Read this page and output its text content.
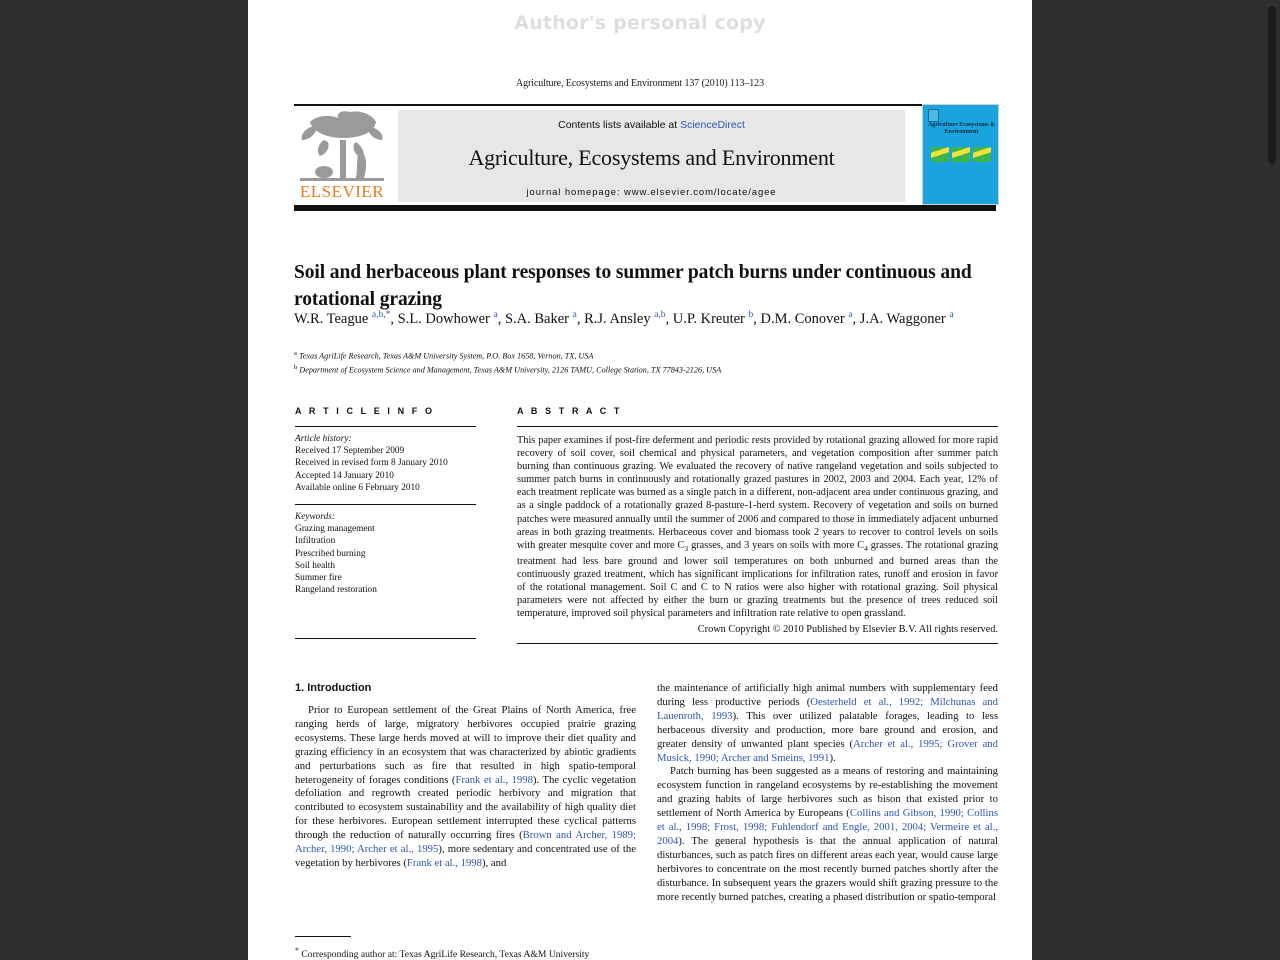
Author's personal copy
Agriculture, Ecosystems and Environment 137 (2010) 113–123
ELSEVIER
Contents lists available at ScienceDirect
Agriculture, Ecosystems and Environment
journal homepage: www.elsevier.com/locate/agee
Agriculture Ecosystems & Environment
Soil and herbaceous plant responses to summer patch burns under continuous and rotational grazing
W.R. Teague $^{a,b,*}$, S.L. Dowhower $^a$, S.A. Baker $^a$, R.J. Ansley $^{a,b}$, U.P. Kreuter $^b$, D.M. Conover $^a$, J.A. Waggoner $^a$
$^a$ Texas AgriLife Research, Texas A&M University System, P.O. Box 1658, Vernon, TX, USA
$^b$ Department of Ecosystem Science and Management, Texas A&M University, 2126 TAMU, College Station, TX 77843-2126, USA
A R T I C L E I N F O
Article history:
Received 17 September 2009
Received in revised form 8 January 2010
Accepted 14 January 2010
Available online 6 February 2010
Keywords:
Grazing management
Infiltration
Prescribed burning
Soil health
Summer fire
Rangeland restoration
A B S T R A C T
This paper examines if post-fire deferment and periodic rests provided by rotational grazing allowed for more rapid recovery of soil cover, soil chemical and physical parameters, and vegetation composition after summer patch burning than continuous grazing. We evaluated the recovery of native rangeland vegetation and soils subjected to summer patch burns in continuously and rotationally grazed pastures in 2002, 2003 and 2004. Each year, 12% of each treatment replicate was burned as a single patch in a different, non-adjacent area under continuous grazing, and as a single paddock of a rotationally grazed 8-pasture-1-herd system. Recovery of vegetation and soils on burned patches were measured annually until the summer of 2006 and compared to those in immediately adjacent unburned areas in both grazing treatments. Herbaceous cover and biomass took 2 years to recover to control levels on soils with greater mesquite cover and more $C_3$ grasses, and 3 years on soils with more $C_4$ grasses. The rotational grazing treatment had less bare ground and lower soil temperatures on both unburned and burned areas than the continuously grazed treatment, which has significant implications for infiltration rates, runoff and erosion in favor of the rotational management. Soil C and C to N ratios were also higher with rotational grazing. Soil physical parameters were not affected by either the burn or grazing treatments but the presence of trees reduced soil temperature, improved soil physical parameters and infiltration rate relative to open grassland.
Crown Copyright © 2010 Published by Elsevier B.V. All rights reserved.
1. Introduction

Prior to European settlement of the Great Plains of North America, free ranging herds of large, migratory herbivores occupied prairie grazing ecosystems. These large herds moved at will to improve their diet quality and grazing efficiency in an ecosystem that was characterized by abiotic gradients and perturbations such as fire that resulted in high spatio-temporal heterogeneity of forages conditions (Frank et al., 1998). The cyclic vegetation defoliation and regrowth created periodic herbivory and migration that contributed to ecosystem sustainability and the availability of high quality diet for these herbivores. European settlement interrupted these cyclical patterns through the reduction of naturally occurring fires (Brown and Archer, 1989; Archer, 1990; Archer et al., 1995), more sedentary and concentrated use of the vegetation by herbivores (Frank et al., 1998), and

the maintenance of artificially high animal numbers with supplementary feed during less productive periods (Oesterheld et al., 1992; Milchunas and Lauenroth, 1993). This over utilized palatable forages, leading to less herbaceous diversity and production, more bare ground and erosion, and greater density of unwanted plant species (Archer et al., 1995; Grover and Musick, 1990; Archer and Smeins, 1991).

Patch burning has been suggested as a means of restoring and maintaining ecosystem function in rangeland ecosystems by re-establishing the movement and grazing habits of large herbivores such as bison that existed prior to settlement of North America by Europeans (Collins and Gibson, 1990; Collins et al., 1998; Frost, 1998; Fuhlendorf and Engle, 2001, 2004; Vermeire et al., 2004). The general hypothesis is that the annual application of natural disturbances, such as patch fires on different areas each year, would cause large herbivores to concentrate on the most recently burned patches shortly after the disturbance. In subsequent years the grazers would shift grazing pressure to the more recently burned patches, creating a phased distribution or spatio-temporal

* Corresponding author at: Texas AgriLife Research, Texas A&M University
